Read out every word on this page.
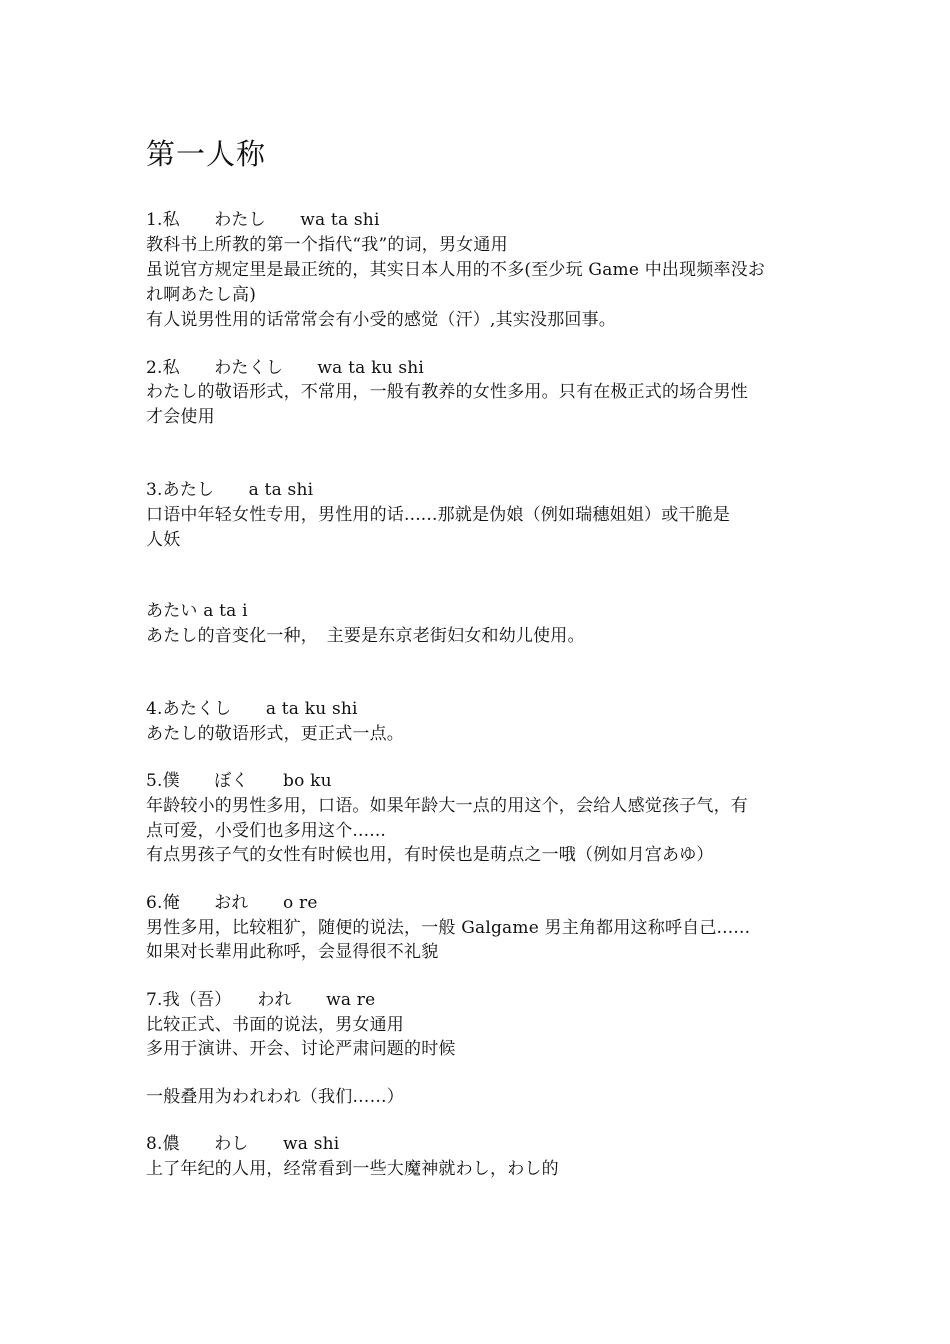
第一人称
1.私　　わたし　　wa ta shi
教科书上所教的第一个指代“我”的词，男女通用
虽说官方规定里是最正统的，其实日本人用的不多(至少玩 Game 中出现频率没お
れ啊あたし高)
有人说男性用的话常常会有小受的感觉（汗）,其实没那回事。
2.私　　わたくし　　wa ta ku shi
わたし的敬语形式，不常用，一般有教养的女性多用。只有在极正式的场合男性
才会使用
3.あたし　　a ta shi
口语中年轻女性专用，男性用的话......那就是伪娘（例如瑞穗姐姐）或干脆是
人妖
あたい a ta i
あたし的音变化一种，　主要是东京老街妇女和幼儿使用。
4.あたくし　　a ta ku shi
あたし的敬语形式，更正式一点。
5.僕　　ぼく　　bo ku
年龄较小的男性多用，口语。如果年龄大一点的用这个，会给人感觉孩子气，有
点可爱，小受们也多用这个......
有点男孩子气的女性有时候也用，有时侯也是萌点之一哦（例如月宫あゆ）
6.俺　　おれ　　o re
男性多用，比较粗犷，随便的说法，一般 Galgame 男主角都用这称呼自己......
如果对长辈用此称呼，会显得很不礼貌
7.我（吾）　　われ　　wa re
比较正式、书面的说法，男女通用
多用于演讲、开会、讨论严肃问题的时候
一般叠用为われわれ（我们……）
8.儂　　わし　　wa shi
上了年纪的人用，经常看到一些大魔神就わし，わし的
